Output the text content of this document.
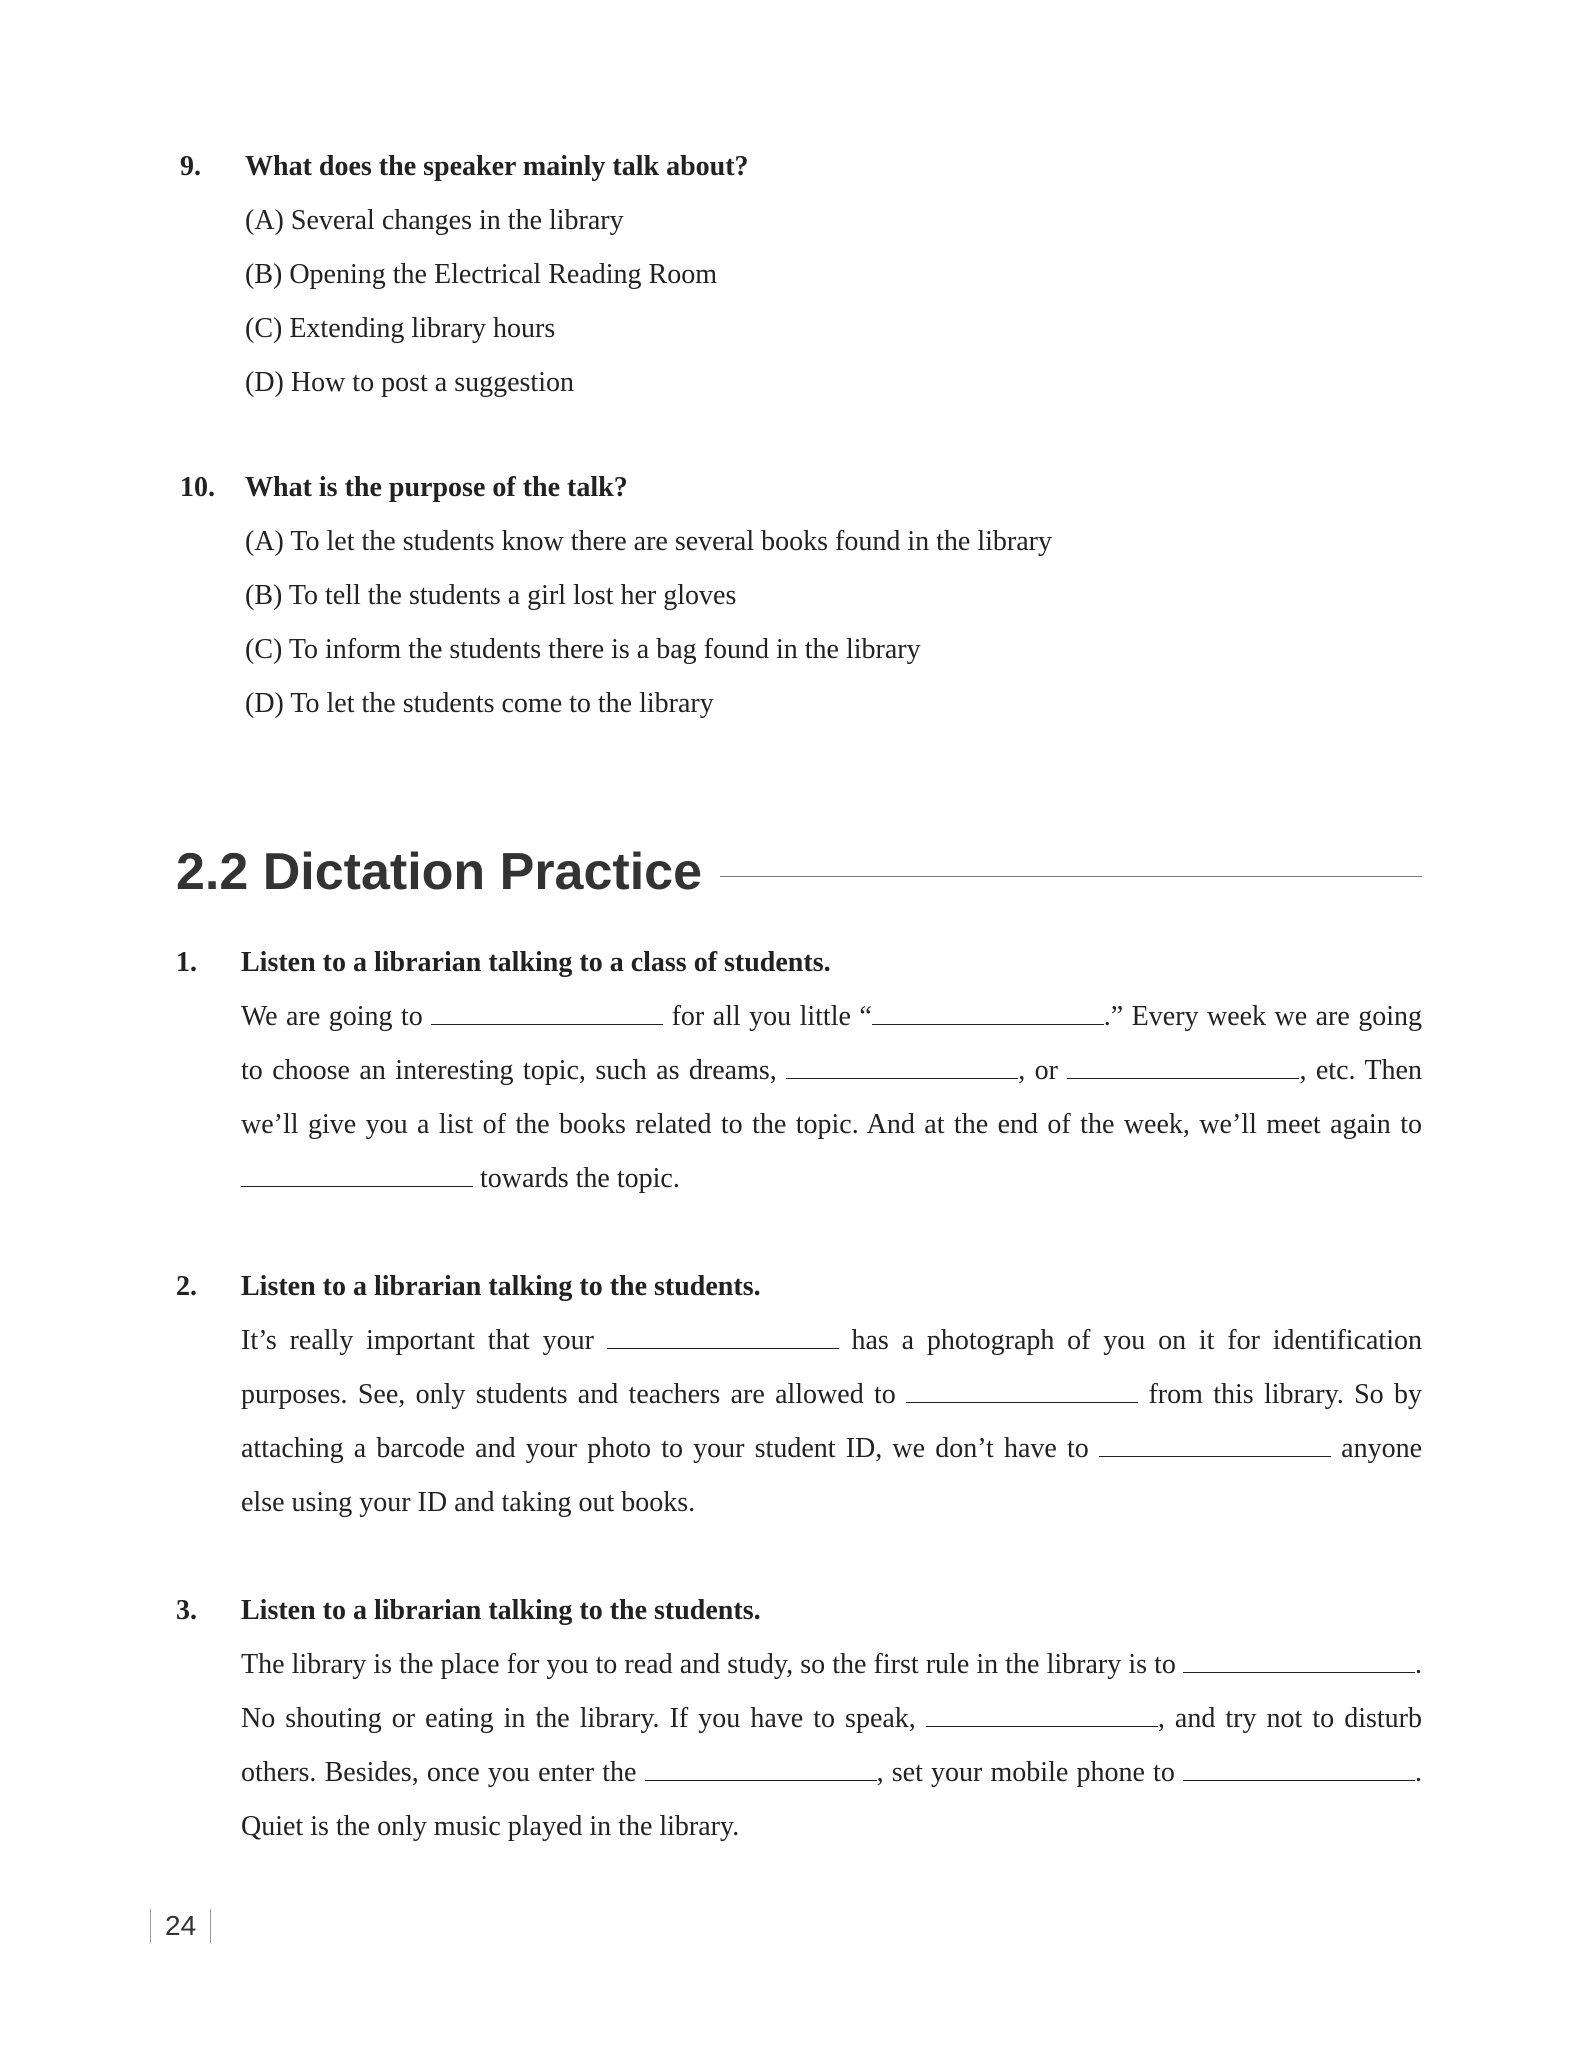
9.	What does the speaker mainly talk about?
(A) Several changes in the library
(B) Opening the Electrical Reading Room
(C) Extending library hours
(D) How to post a suggestion
10.	What is the purpose of the talk?
(A) To let the students know there are several books found in the library
(B) To tell the students a girl lost her gloves
(C) To inform the students there is a bag found in the library
(D) To let the students come to the library
2.2 Dictation Practice
1.	Listen to a librarian talking to a class of students.
We are going to	for all you little “	.” Every week we are going to choose an interesting topic, such as dreams,	, or	, etc. Then we’ll give you a list of the books related to the topic. And at the end of the week, we’ll meet again to  towards the topic.
2.	Listen to a librarian talking to the students.
It’s really important that your	has a photograph of you on it for identification purposes. See, only students and teachers are allowed to	from this library. So by attaching a barcode and your photo to your student ID, we don’t have to	anyone else using your ID and taking out books.
3.	Listen to a librarian talking to the students.
The library is the place for you to read and study, so the first rule in the library is to	. No shouting or eating in the library. If you have to speak,	, and try not to disturb others. Besides, once you enter the	, set your mobile phone to	. Quiet is the only music played in the library.
24
